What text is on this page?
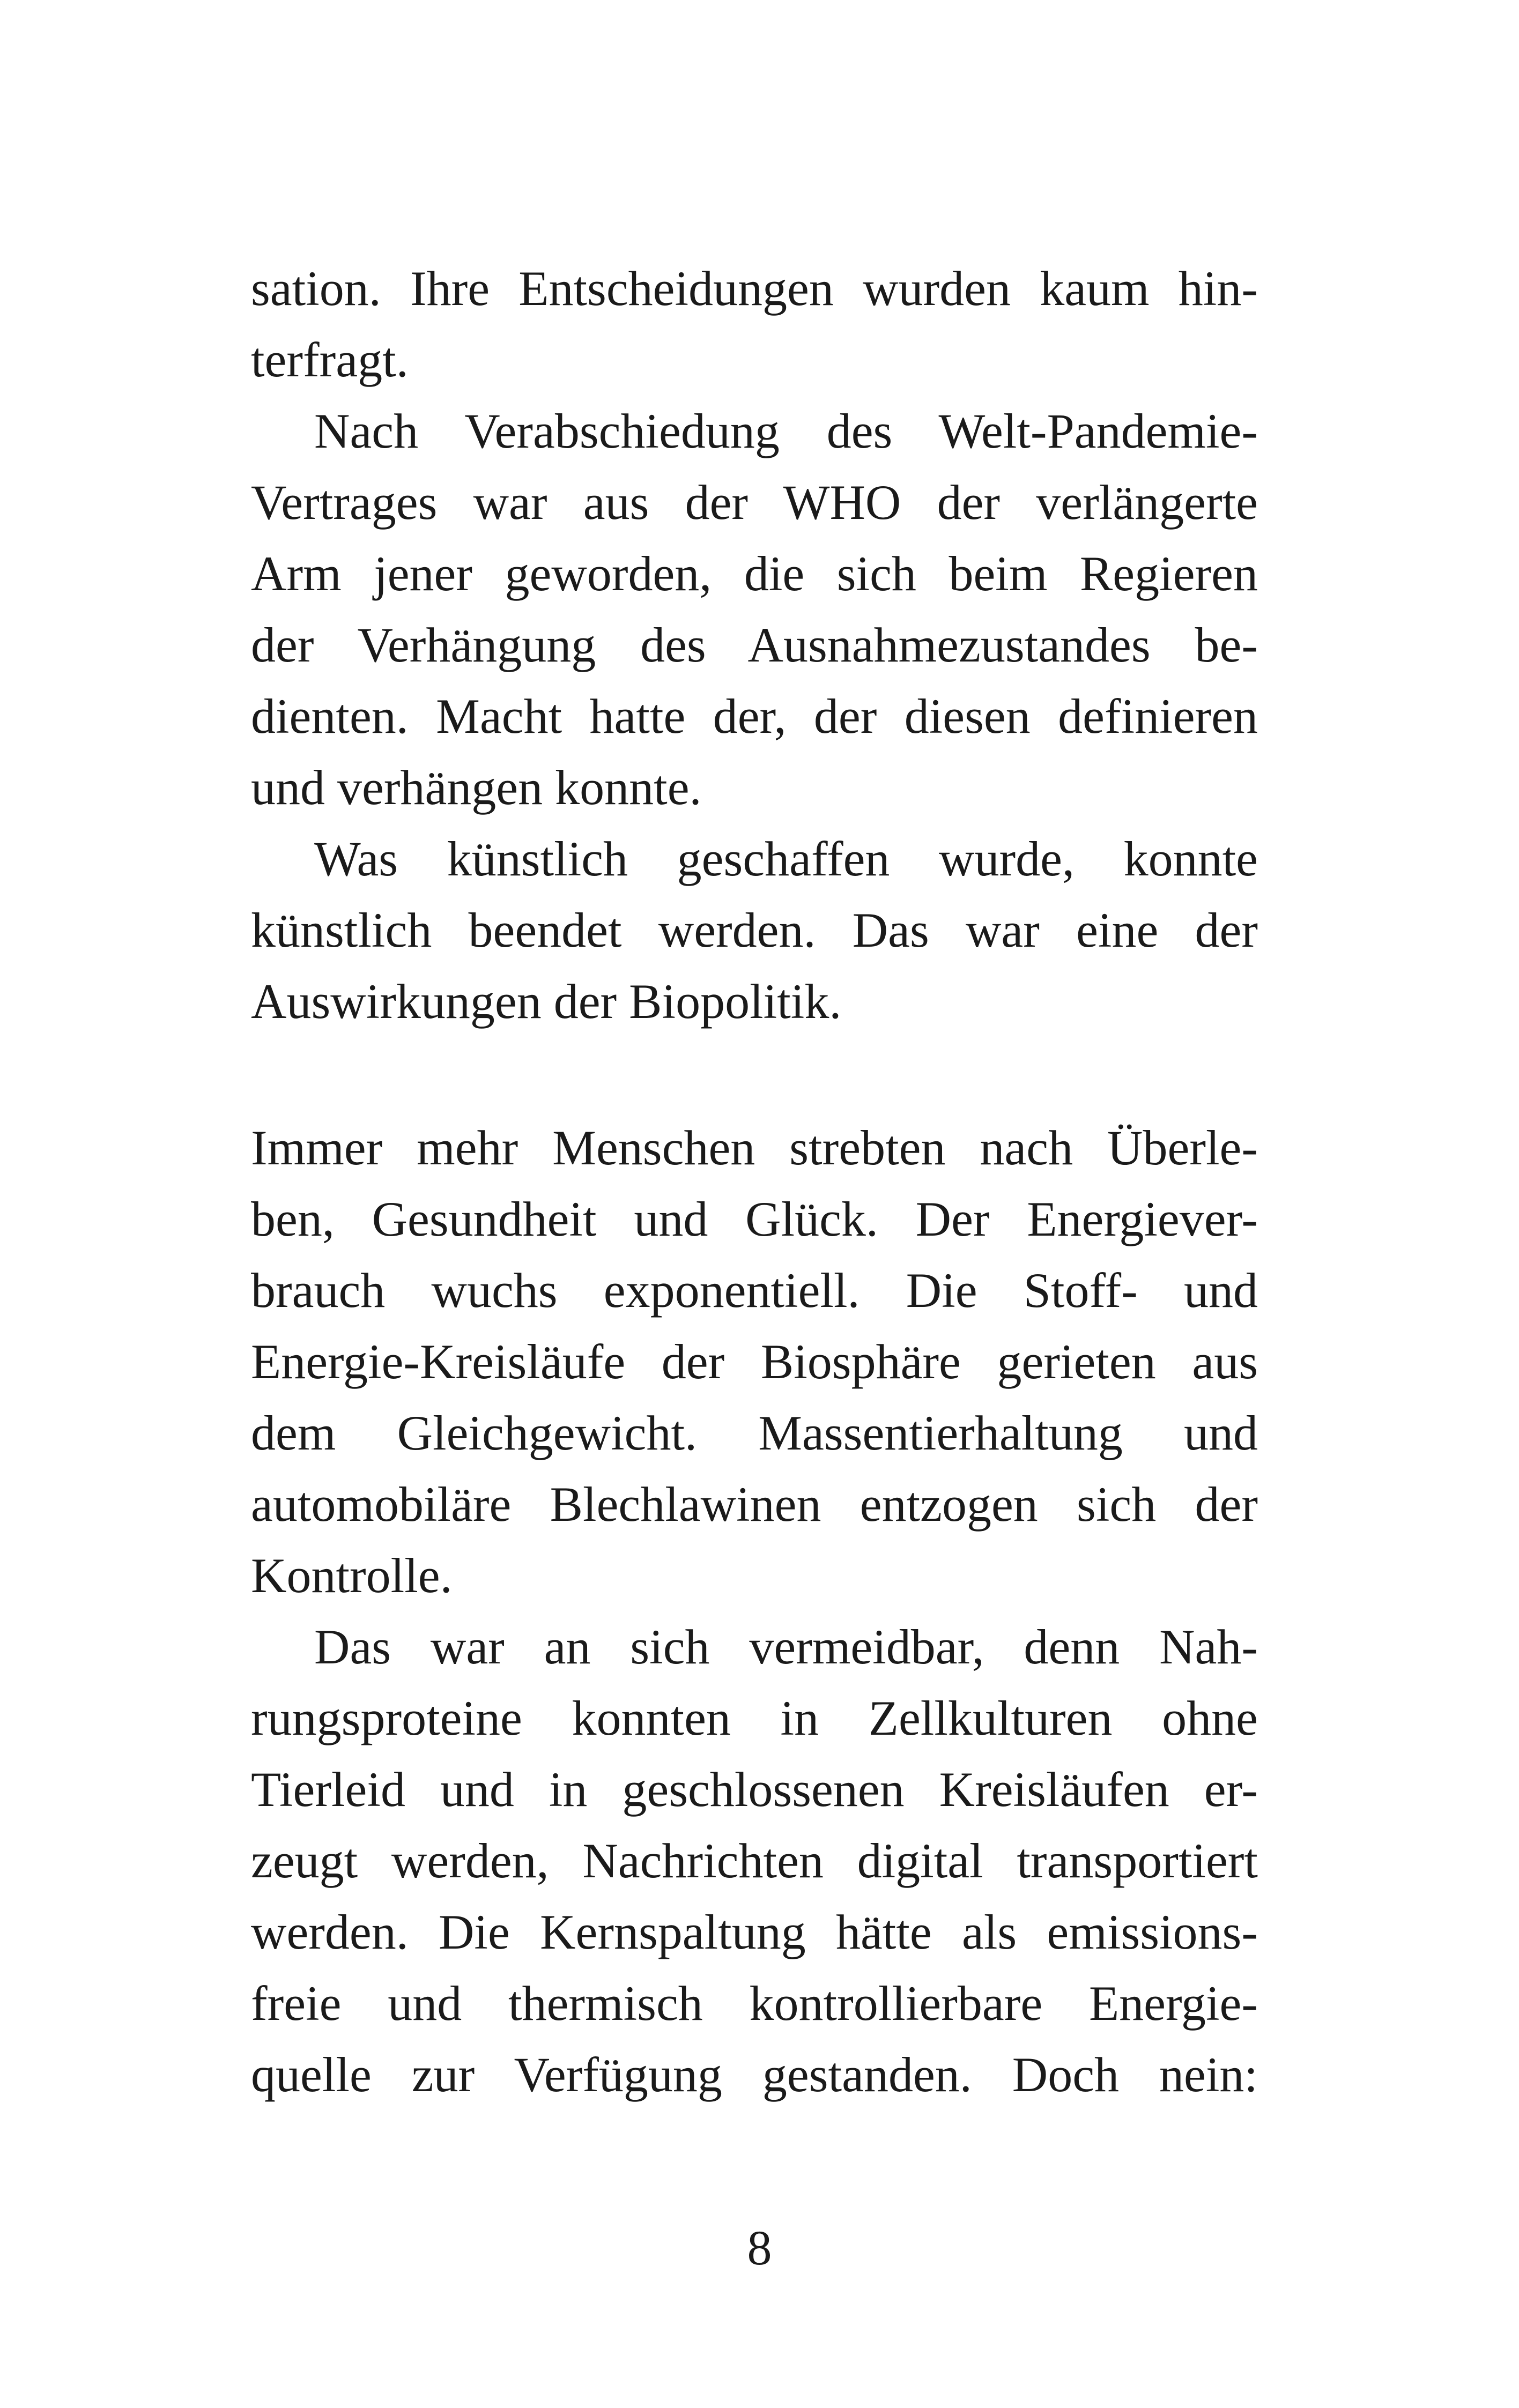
sation. Ihre Entscheidungen wurden kaum hin-
terfragt.
Nach Verabschiedung des Welt-Pandemie-
Vertrages war aus der WHO der verlängerte
Arm jener geworden, die sich beim Regieren
der Verhängung des Ausnahmezustandes be-
dienten. Macht hatte der, der diesen definieren
und verhängen konnte.
Was künstlich geschaffen wurde, konnte
künstlich beendet werden. Das war eine der
Auswirkungen der Biopolitik.
Immer mehr Menschen strebten nach Überle-
ben, Gesundheit und Glück. Der Energiever-
brauch wuchs exponentiell. Die Stoff- und
Energie-Kreisläufe der Biosphäre gerieten aus
dem Gleichgewicht. Massentierhaltung und
automobiläre Blechlawinen entzogen sich der
Kontrolle.
Das war an sich vermeidbar, denn Nah-
rungsproteine konnten in Zellkulturen ohne
Tierleid und in geschlossenen Kreisläufen er-
zeugt werden, Nachrichten digital transportiert
werden. Die Kernspaltung hätte als emissions-
freie und thermisch kontrollierbare Energie-
quelle zur Verfügung gestanden. Doch nein:
8
